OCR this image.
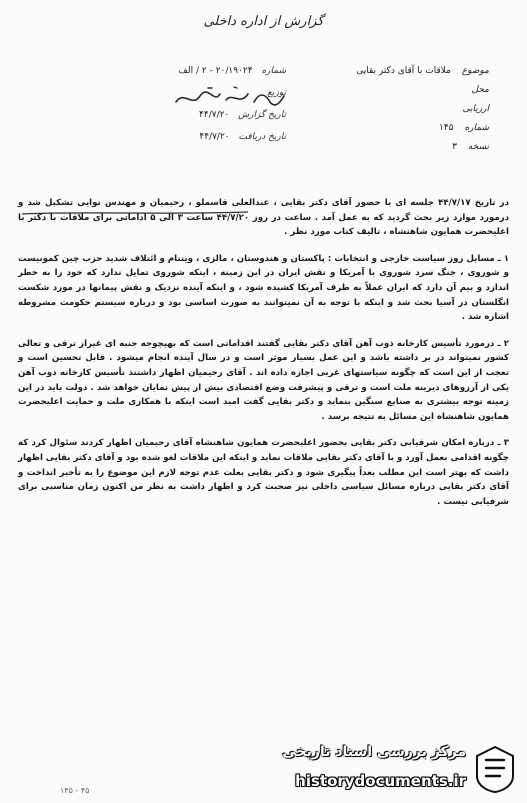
گزارش از اداره داخلی
موضوع ملاقات با آقای دکتر بقایی
محل
ارزیابی
شماره ۱۴۵
نسخه ۳
شماره ۲۰/۱۹۰۲۴ - ۲ / الف
توزیع
تاریخ گزارش ۴۴/۷/۲۰
تاریخ دریافت ۴۴/۷/۲۰

در تاریخ ۴۴/۷/۱۷ جلسه ای با حضور آقای دکتر بقایی ، عبدالعلی قاسملو ، رحیمیان و مهندس نوایی تشکیل شد و درمورد موارد زیر بحث گردید که به عمل آمد . ساعت در روز ۴۴/۷/۲۰ ساعت ۳ الی ۵ اداماتی برای ملاقات با دکتر با اعلیحضرت همایون شاهنشاه ، تالیف کتاب مورد نظر .

۱ ـ مسایل روز سیاست خارجی و انتخابات : پاکستان و هندوستان ، مالزی ، ویتنام و ائتلاف شدید حزب چین کمونیست و شوروی ، جنگ سرد شوروی با آمریکا و نقش ایران در این زمینه ، اینکه شوروی تمایل ندارد که خود را به خطر اندازد و بیم آن دارد که ایران عملاً به طرف آمریکا کشیده شود ، و اینکه آینده نزدیک و نقش پیمانها در مورد شکست انگلستان در آسیا بحث شد و اینکه با توجه به آن نمیتوانند به صورت اساسی بود و درباره سیستم حکومت مشروطه اشاره شد .

۲ ـ درمورد تأسیس کارخانه ذوب آهن آقای دکتر بقایی گفتند اقداماتی است که بهیچوجه جنبه ای غیراز ترقی و تعالی کشور نمیتواند در بر داشته باشد و این عمل بسیار موثر است و در سال آینده انجام میشود . قابل تحسین است و تعجب از این است که چگونه سیاستهای غربی اجازه داده اند . آقای رحیمیان اظهار داشتند تأسیس کارخانه ذوب آهن یکی از آرزوهای دیرینه ملت است و ترقی و پیشرفت وضع اقتصادی بیش از پیش نمایان خواهد شد . دولت باید در این زمینه توجه بیشتری به صنایع سنگین بنماید و دکتر بقایی گفت امید است اینکه با همکاری ملت و حمایت اعلیحضرت همایون شاهنشاه این مسائل به نتیجه برسد .

۳ ـ درباره امکان شرفیابی دکتر بقایی بحضور اعلیحضرت همایون شاهنشاه آقای رحیمیان اظهار کردند سئوال کرد که چگونه اقدامی بعمل آورد و با آقای دکتر بقایی ملاقات نماید و اینکه این ملاقات لغو شده بود و آقای دکتر بقایی اظهار داشت که بهتر است این مطلب بعداً پیگیری شود و دکتر بقایی بعلت عدم توجه لازم این موضوع را به تأخیر انداخت و آقای دکتر بقایی درباره مسائل سیاسی داخلی نیز صحبت کرد و اظهار داشت به نظر من اکنون زمان مناسبی برای شرفیابی نیست .

مرکز بررسی اسناد تاریخی
historydocuments.ir
۱۴۵ - ۴۵
